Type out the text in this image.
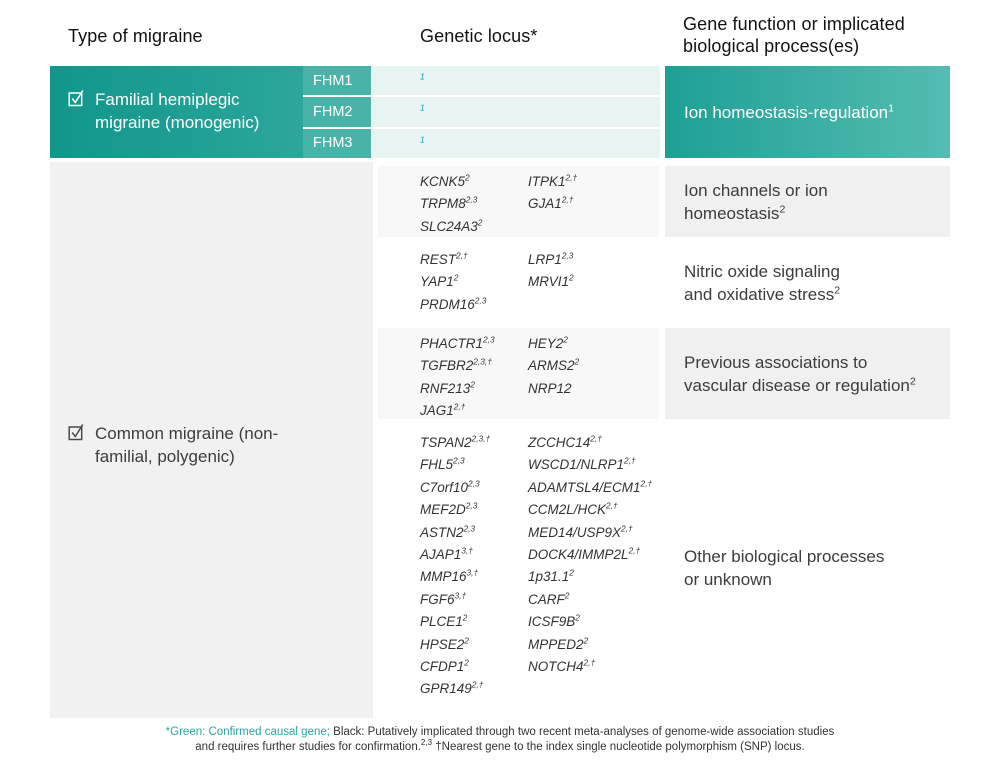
Type of migraine	Genetic locus*
Gene function or implicated biological process(es)
Familial hemiplegic migraine (monogenic)
FHM1
FHM2
FHM3
$^1$
$^1$
$^1$
Ion homeostasis-regulation$^1$
Common migraine (non-familial, polygenic)
$KCNK5^2$
TRPM8$^{2,3}$
$SLC24A3^2$
$ITPK1^{2,\dagger}$
$GJA1^{2,\dagger}$
Ion channels or ion
homeostasis$^2$
$REST^{2,\dagger}$
$YAP1^2$
PRDM16$^{2,3}$
LRP1$^{2,3}$
$MRVI1^2$	Nitric oxide signaling
and oxidative stress$^2$
PHACTR1$^{2,3}$
$TGFBR2^{2,3,\dagger}$
$RNF213^2$
$JAG1^{2,\dagger}$
$HEY2^2$
$ARMS2^2$
NRP12
Previous associations to
vascular disease or regulation$^2$
$TSPAN2^{2,3,\dagger}$
FHL5$^{2,3}$
C7orf10$^{2,3}$
$MEF2D^{2,3}$
ASTN2$^{2,3}$
$AJAP1^{3,\dagger}$
$MMP16^{3,\dagger}$
$FGF6^{3,\dagger}$
$PLCE1^2$
$HPSE2^2$
$CFDP1^2$
$GPR149^{2,\dagger}$
$ZCCHC14^{2,\dagger}$
$WSCD1/NLRP1^{2,\dagger}$
$ADAMTSL4/ECM1^{2,\dagger}$
$CCM2L/HCK^{2,\dagger}$
$MED14/USP9X^{2,\dagger}$
$DOCK4/IMMP2L^{2,\dagger}$
1p31.1$^2$
CARF$^2$
$ICSF9B^2$
$MPPED2^2$
$NOTCH4^{2,\dagger}$
Other biological processes
or unknown
*Green: Confirmed causal gene; Black: Putatively implicated through two recent meta-analyses of genome-wide association studies
and requires further studies for confirmation.$^{2,3}$ †Nearest gene to the index single nucleotide polymorphism (SNP) locus.
